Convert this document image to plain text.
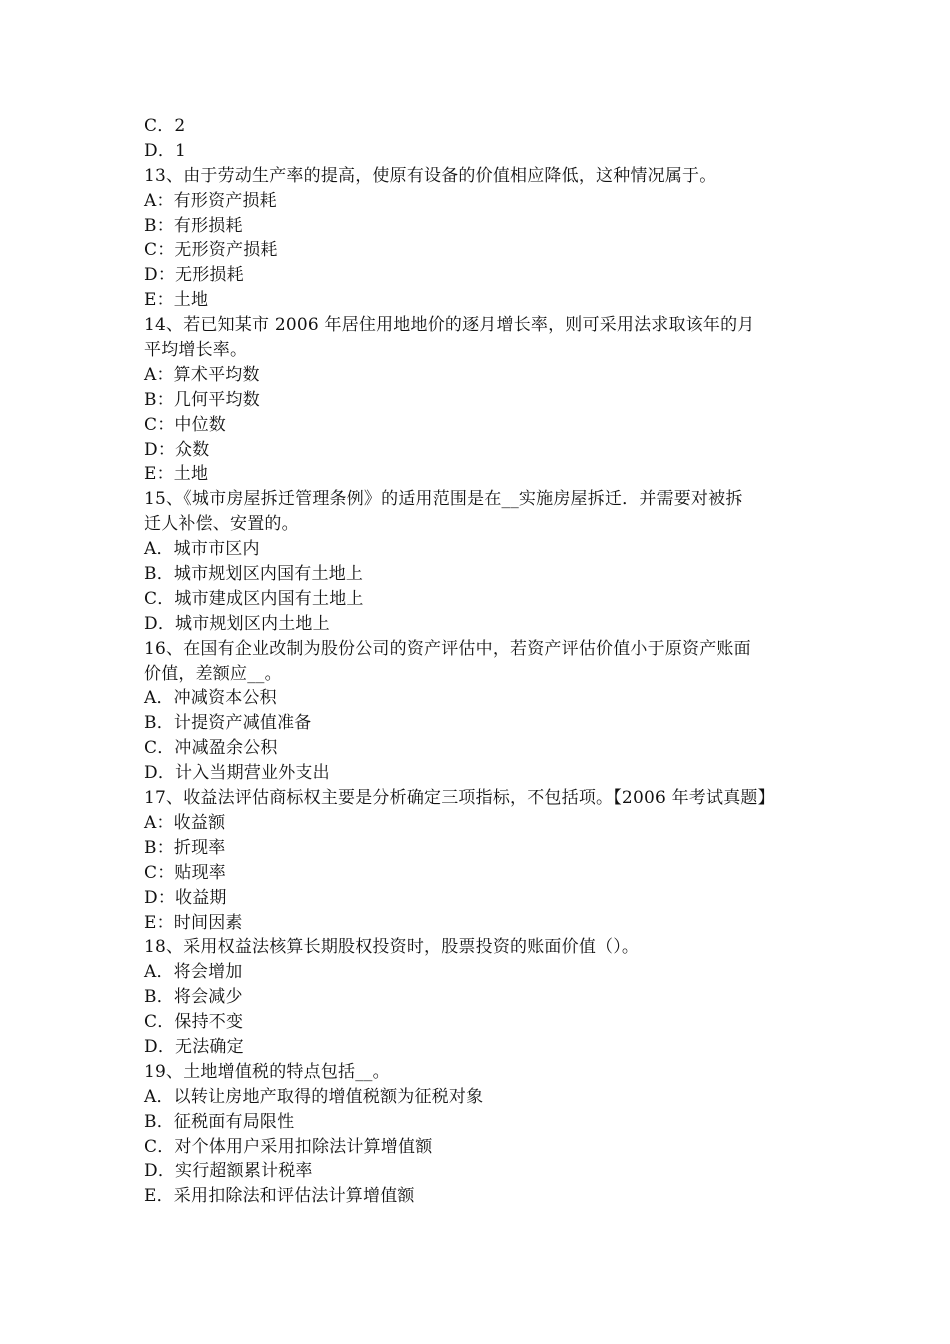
C．2
D．1
13、由于劳动生产率的提高，使原有设备的价值相应降低，这种情况属于。
A：有形资产损耗
B：有形损耗
C：无形资产损耗
D：无形损耗
E：土地
14、若已知某市 2006 年居住用地地价的逐月增长率，则可采用法求取该年的月
平均增长率。
A：算术平均数
B：几何平均数
C：中位数
D：众数
E：土地
15、《城市房屋拆迁管理条例》的适用范围是在__实施房屋拆迁．并需要对被拆
迁人补偿、安置的。
A．城市市区内
B．城市规划区内国有土地上
C．城市建成区内国有土地上
D．城市规划区内土地上
16、在国有企业改制为股份公司的资产评估中，若资产评估价值小于原资产账面
价值，差额应__。
A．冲减资本公积
B．计提资产减值准备
C．冲减盈余公积
D．计入当期营业外支出
17、收益法评估商标权主要是分析确定三项指标，不包括项。【2006 年考试真题】
A：收益额
B：折现率
C：贴现率
D：收益期
E：时间因素
18、采用权益法核算长期股权投资时，股票投资的账面价值（）。
A．将会增加
B．将会减少
C．保持不变
D．无法确定
19、土地增值税的特点包括__。
A．以转让房地产取得的增值税额为征税对象
B．征税面有局限性
C．对个体用户采用扣除法计算增值额
D．实行超额累计税率
E．采用扣除法和评估法计算增值额
